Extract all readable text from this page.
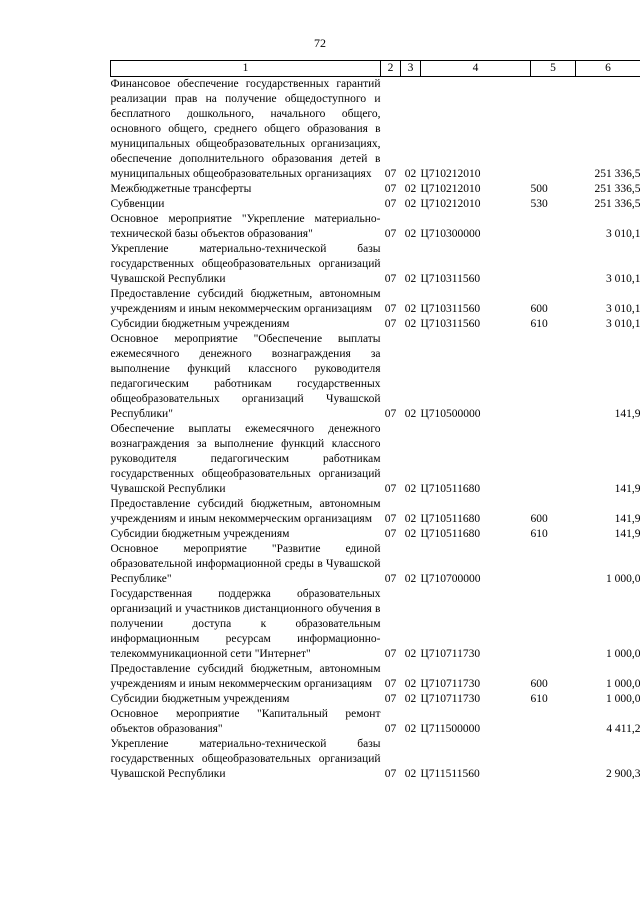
72
1	2	3	4	5	6
Финансовое обеспечение государственных гарантий реализации прав на получение общедоступного и бесплатного дошкольного, начального общего, основного общего, среднего общего образования в муниципальных общеобразовательных организациях, обеспечение дополнительного образования детей в муниципальных общеобразовательных организациях	07	02	Ц710212010		251 336,5
Межбюджетные трансферты	07	02	Ц710212010	500	251 336,5
Субвенции	07	02	Ц710212010	530	251 336,5
Основное мероприятие "Укрепление материально-технической базы объектов образования"	07	02	Ц710300000		3 010,1
Укрепление материально-технической базы государственных общеобразовательных организаций Чувашской Республики	07	02	Ц710311560		3 010,1
Предоставление субсидий бюджетным, автономным учреждениям и иным некоммерческим организациям	07	02	Ц710311560	600	3 010,1
Субсидии бюджетным учреждениям	07	02	Ц710311560	610	3 010,1
Основное мероприятие "Обеспечение выплаты ежемесячного денежного вознаграждения за выполнение функций классного руководителя педагогическим работникам государственных общеобразовательных организаций Чувашской Республики"	07	02	Ц710500000		141,9
Обеспечение выплаты ежемесячного денежного вознаграждения за выполнение функций классного руководителя педагогическим работникам государственных общеобразовательных организаций Чувашской Республики	07	02	Ц710511680		141,9
Предоставление субсидий бюджетным, автономным учреждениям и иным некоммерческим организациям	07	02	Ц710511680	600	141,9
Субсидии бюджетным учреждениям	07	02	Ц710511680	610	141,9
Основное мероприятие "Развитие единой образовательной информационной среды в Чувашской Республике"	07	02	Ц710700000		1 000,0
Государственная поддержка образовательных организаций и участников дистанционного обучения в получении доступа к образовательным информационным ресурсам информационно-телекоммуникационной сети "Интернет"	07	02	Ц710711730		1 000,0
Предоставление субсидий бюджетным, автономным учреждениям и иным некоммерческим организациям	07	02	Ц710711730	600	1 000,0
Субсидии бюджетным учреждениям	07	02	Ц710711730	610	1 000,0
Основное мероприятие "Капитальный ремонт объектов образования"	07	02	Ц711500000		4 411,2
Укрепление материально-технической базы государственных общеобразовательных организаций Чувашской Республики	07	02	Ц711511560		2 900,3
